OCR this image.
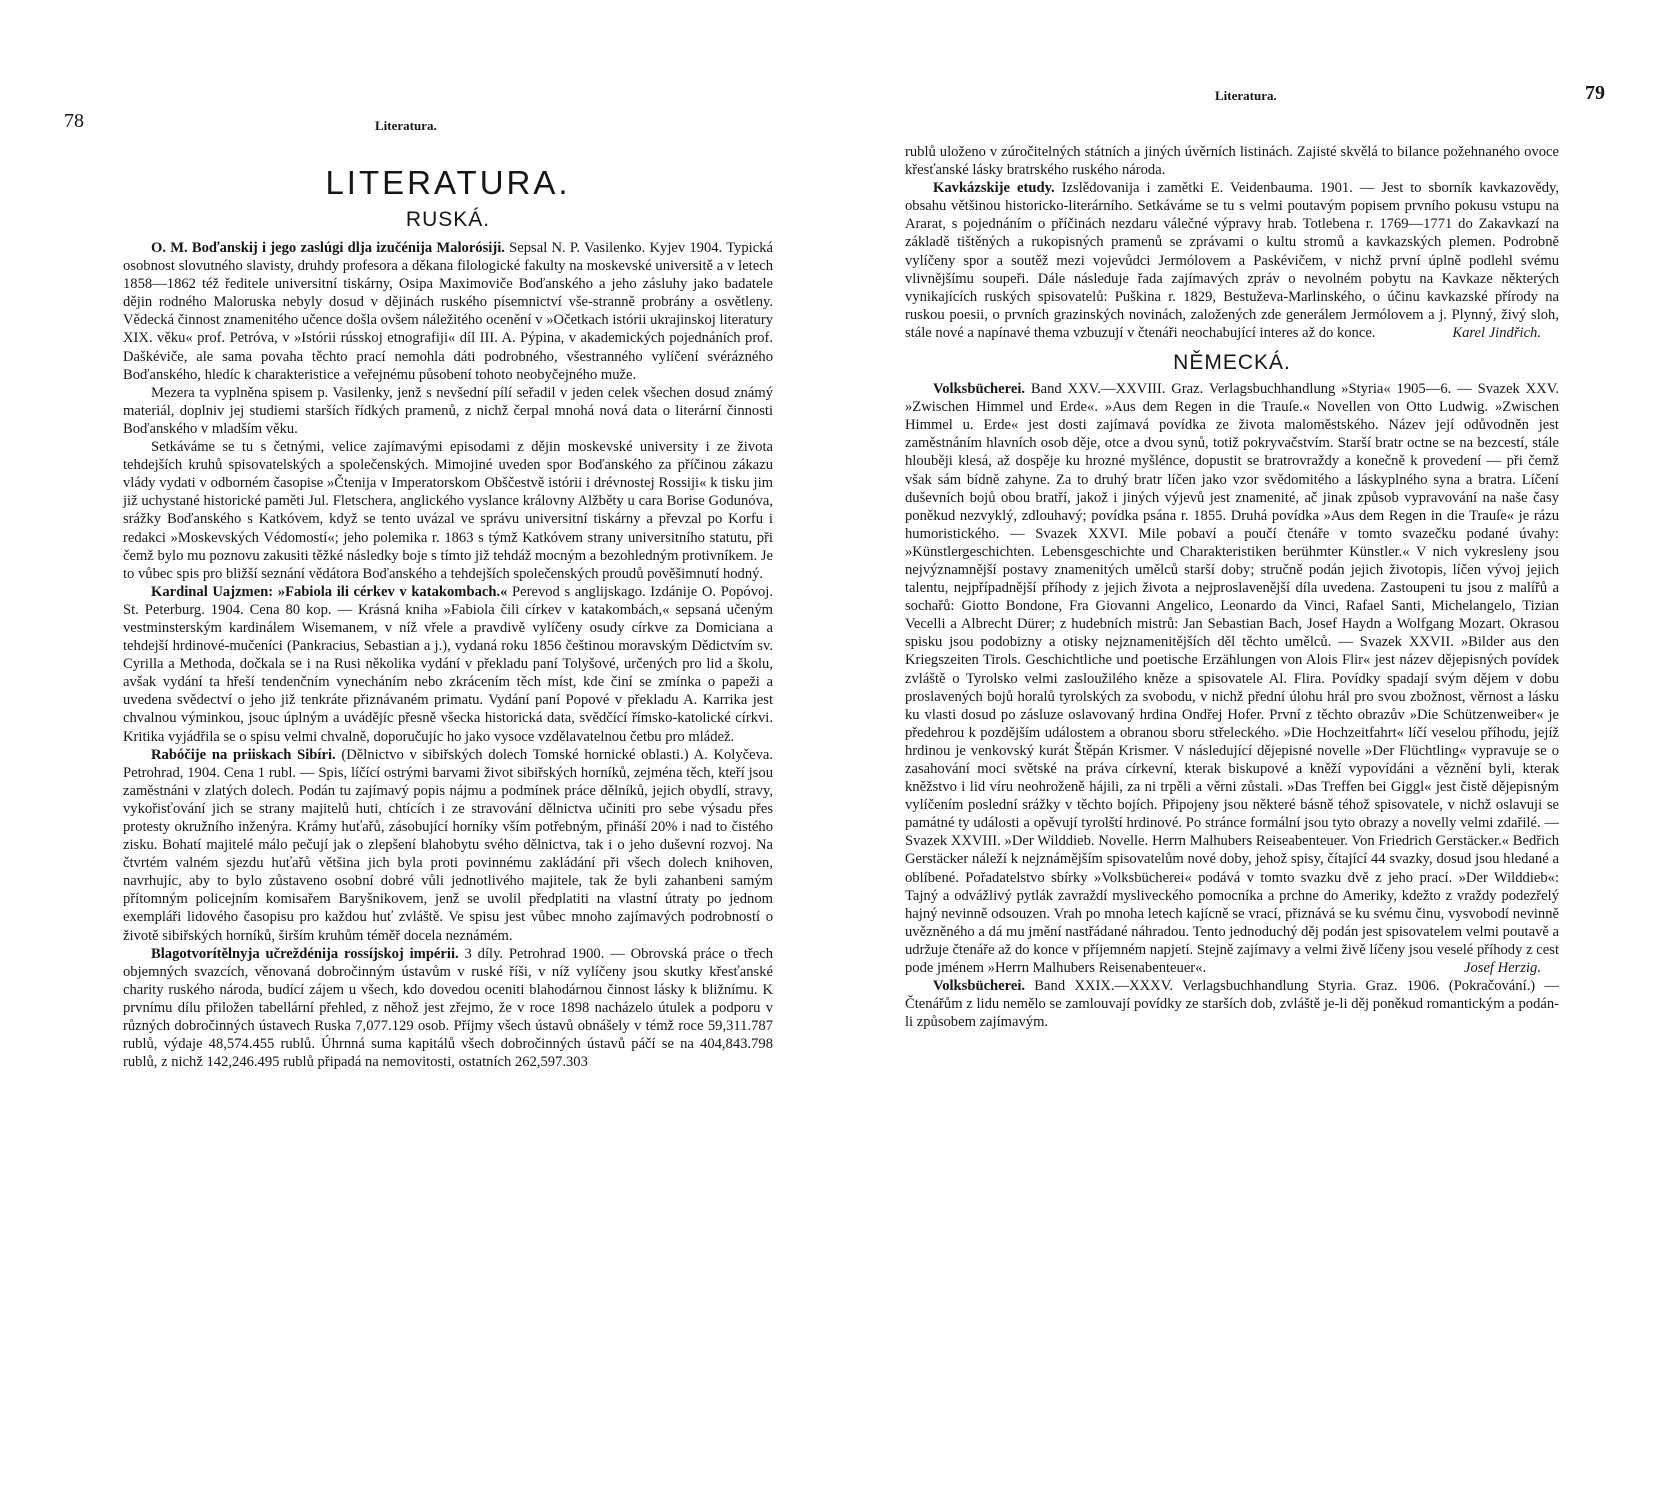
78	Literatura.
LITERATURA.
RUSKÁ.

O. M. Boďanskij i jego zaslúgi dlja izučénija Malorósiji. Sepsal N. P. Vasilenko. Kyjev 1904. Typická osobnost slovutného slavisty, druhdy profesora a děkana filologické fakulty na moskevské universitě a v letech 1858—1862 též ředitele universitní tiskárny, Osipa Maximoviče Boďanského a jeho zásluhy jako badatele dějin rodného Maloruska nebyly dosud v dějinách ruského písemnictví vše-stranně probrány a osvětleny. Vědecká činnost znamenitého učence došla ovšem náležitého ocenění v »Očetkach istórii ukrajinskoj literatury XIX. věku« prof. Petróva, v »Istórii rússkoj etnografiji« díl III. A. Pýpina, v akademických pojednáních prof. Daškéviče, ale sama povaha těchto prací nemohla dáti podrobného, všestranného vylíčení svérázného Boďanského, hledíc k charakteristice a veřejnému působení tohoto neobyčejného muže.

Mezera ta vyplněna spisem p. Vasilenky, jenž s nevšední pílí seřadil v jeden celek všechen dosud známý materiál, doplniv jej studiemi starších řídkých pramenů, z nichž čerpal mnohá nová data o literární činnosti Boďanského v mladším věku.

Setkáváme se tu s četnými, velice zajímavými episodami z dějin moskevské university i ze života tehdejších kruhů spisovatelských a společenských. Mimojiné uveden spor Boďanského za příčinou zákazu vlády vydati v odborném časopise »Čtenija v Imperatorskom Obščestvě istórii i drévnostej Rossiji« k tisku jim již uchystané historické paměti Jul. Fletschera, anglického vyslance královny Alžběty u cara Borise Godunóva, srážky Boďanského s Katkóvem, když se tento uvázal ve správu universitní tiskárny a převzal po Korfu i redakci »Moskevských Védomostí«; jeho polemika r. 1863 s týmž Katkóvem strany universitního statutu, při čemž bylo mu poznovu zakusiti těžké následky boje s tímto již tehdáž mocným a bezohledným protivníkem. Je to vůbec spis pro bližší seznání vědátora Boďanského a tehdejších společenských proudů pověšimnutí hodný.

Kardinal Uajzmen: »Fabiola ili cérkev v katakombach.« Perevod s anglijskago. Izdánije O. Popóvoj. St. Peterburg. 1904. Cena 80 kop. — Krásná kniha »Fabiola čili církev v katakombách,« sepsaná učeným vestminsterským kardinálem Wisemanem, v níž vřele a pravdivě vylíčeny osudy církve za Domiciana a tehdejší hrdinové-mučeníci (Pankracius, Sebastian a j.), vydaná roku 1856 češtinou moravským Dědictvím sv. Cyrilla a Methoda, dočkala se i na Rusi několika vydání v překladu paní Tolyšové, určených pro lid a školu, avšak vydání ta hřeší tendenčním vynecháním nebo zkrácením těch míst, kde činí se zmínka o papeži a uvedena svědectví o jeho již tenkráte přiznávaném primatu. Vydání paní Popové v překladu A. Karrika jest chvalnou výminkou, jsouc úplným a uvádějíc přesně všecka historická data, svědčící římsko-katolické církvi. Kritika vyjádřila se o spisu velmi chvalně, doporučujíc ho jako vysoce vzdělavatelnou četbu pro mládež.

Rabóčije na priiskach Sibíri. (Dělnictvo v sibiřských dolech Tomské hornické oblasti.) A. Kolyčeva. Petrohrad, 1904. Cena 1 rubl. — Spis, líčící ostrými barvami život sibiřských horníků, zejména těch, kteří jsou zaměstnáni v zlatých dolech. Podán tu zajímavý popis nájmu a podmínek práce dělníků, jejich obydlí, stravy, vykořisťování jich se strany majitelů huti, chtících i ze stravování dělnictva učiniti pro sebe výsadu přes protesty okružního inženýra. Krámy huťařů, zásobující horníky vším potřebným, přináší 20% i nad to čistého zisku. Bohatí majitelé málo pečují jak o zlepšení blahobytu svého dělnictva, tak i o jeho duševní rozvoj. Na čtvrtém valném sjezdu huťařů většina jich byla proti povinnému zakládání při všech dolech knihoven, navrhujíc, aby to bylo zůstaveno osobní dobré vůli jednotlivého majitele, tak že byli zahanbeni samým přítomným policejním komisařem Baryšnikovem, jenž se uvolil předplatiti na vlastní útraty po jednom exempláři lidového časopisu pro každou huť zvláště. Ve spisu jest vůbec mnoho zajímavých podrobností o životě sibiřských horníků, širším kruhům téměř docela neznámém.

Blagotvorítělnyja učreždénija rossíjskoj impérii. 3 díly. Petrohrad 1900. — Obrovská práce o třech objemných svazcích, věnovaná dobročinným ústavům v ruské říši, v níž vylíčeny jsou skutky křesťanské charity ruského národa, budící zájem u všech, kdo dovedou oceniti blahodárnou činnost lásky k bližnímu. K prvnímu dílu přiložen tabellární přehled, z něhož jest zřejmo, že v roce 1898 nacházelo útulek a podporu v různých dobročinných ústavech Ruska 7,077.129 osob. Příjmy všech ústavů obnášely v témž roce 59,311.787 rublů, výdaje 48,574.455 rublů. Úhrnná suma kapitálů všech dobročinných ústavů páčí se na 404,843.798 rublů, z nichž 142,246.495 rublů připadá na nemovitosti, ostatních 262,597.303

Literatura.	79

rublů uloženo v zúročitelných státních a jiných úvěrních listinách. Zajisté skvělá to bilance požehnaného ovoce křesťanské lásky bratrského ruského národa.

Kavkázskije etudy. Izslědovanija i zamětki E. Veidenbauma. 1901. — Jest to sborník kavkazovědy, obsahu většinou historicko-literárního. Setkáváme se tu s velmi poutavým popisem prvního pokusu vstupu na Ararat, s pojednáním o příčinách nezdaru válečné výpravy hrab. Totlebena r. 1769—1771 do Zakavkazí na základě tištěných a rukopisných pramenů se zprávami o kultu stromů a kavkazských plemen. Podrobně vylíčeny spor a soutěž mezi vojevůdci Jermólovem a Paskévičem, v nichž první úplně podlehl svému vlivnějšímu soupeři. Dále následuje řada zajímavých zpráv o nevolném pobytu na Kavkaze některých vynikajících ruských spisovatelů: Puškina r. 1829, Bestuževa-Marlinského, o účinu kavkazské přírody na ruskou poesii, o prvních grazinských novinách, založených zde generálem Jermólovem a j. Plynný, živý sloh, stále nové a napínavé thema vzbuzují v čtenáři neochabující interes až do konce.	Karel Jindřich.

NĚMECKÁ.

Volksbücherei. Band XXV.—XXVIII. Graz. Verlagsbuchhandlung »Styria« 1905—6. — Svazek XXV. »Zwischen Himmel und Erde«. »Aus dem Regen in die Trauſe.« Novellen von Otto Ludwig. »Zwischen Himmel u. Erde« jest dosti zajímavá povídka ze života maloměstského. Název její odůvodněn jest zaměstnáním hlavních osob děje, otce a dvou synů, totiž pokryvačstvím. Starší bratr octne se na bezcestí, stále hlouběji klesá, až dospěje ku hrozné myšlénce, dopustit se bratrovraždy a konečně k provedení — při čemž však sám bídně zahyne. Za to druhý bratr líčen jako vzor svědomitého a láskyplného syna a bratra. Líčení duševních bojů obou bratří, jakož i jiných výjevů jest znamenité, ač jinak způsob vypravování na naše časy poněkud nezvyklý, zdlouhavý; povídka psána r. 1855. Druhá povídka »Aus dem Regen in die Trauſe« je rázu humoristického. — Svazek XXVI. Mile pobaví a poučí čtenáře v tomto svazečku podané úvahy: »Künstlergeschichten. Lebensgeschichte und Charakteristiken berühmter Künstler.« V nich vykresleny jsou nejvýznamnější postavy znamenitých umělců starší doby; stručně podán jejich životopis, líčen vývoj jejich talentu, nejpřípadnější příhody z jejich života a nejproslavenější díla uvedena. Zastoupeni tu jsou z malířů a sochařů: Giotto Bondone, Fra Giovanni Angelico, Leonardo da Vinci, Rafael Santi, Michelangelo, Tizian Vecelli a Albrecht Dürer; z hudebních mistrů: Jan Sebastian Bach, Josef Haydn a Wolfgang Mozart. Okrasou spisku jsou podobizny a otisky nejznamenitějších děl těchto umělců. — Svazek XXVII. »Bilder aus den Kriegszeiten Tirols. Geschichtliche und poetische Erzählungen von Alois Flir« jest název dějepisných povídek zvláště o Tyrolsko velmi zasloužilého kněze a spisovatele Al. Flira. Povídky spadají svým dějem v dobu proslavených bojů horalů tyrolských za svobodu, v nichž přední úlohu hrál pro svou zbožnost, věrnost a lásku ku vlasti dosud po zásluze oslavovaný hrdina Ondřej Hofer. První z těchto obrazův »Die Schützenweiber« je předehrou k pozdějším událostem a obranou sboru střeleckého. »Die Hochzeitfahrt« líčí veselou příhodu, jejíž hrdinou je venkovský kurát Štěpán Krismer. V následující dějepisné novelle »Der Flüchtling« vypravuje se o zasahování moci světské na práva církevní, kterak biskupové a kněží vypovídáni a věznění byli, kterak kněžstvo i lid víru neohroženě hájili, za ni trpěli a věrni zůstali. »Das Treffen bei Giggl« jest čistě dějepisným vylíčením poslední srážky v těchto bojích. Připojeny jsou některé básně téhož spisovatele, v nichž oslavuji se památné ty události a opěvují tyrolští hrdinové. Po stránce formální jsou tyto obrazy a novelly velmi zdařilé. — Svazek XXVIII. »Der Wilddieb. Novelle. Herrn Malhubers Reiseabenteuer. Von Friedrich Gerstäcker.« Bedřich Gerstäcker náleží k nejznámějším spisovatelům nové doby, jehož spisy, čítající 44 svazky, dosud jsou hledané a oblíbené. Pořadatelstvo sbírky »Volksbücherei« podává v tomto svazku dvě z jeho prací. »Der Wilddieb«: Tajný a odvážlivý pytlák zavraždí mysliveckého pomocníka a prchne do Ameriky, kdežto z vraždy podezřelý hajný nevinně odsouzen. Vrah po mnoha letech kajícně se vrací, přiznává se ku svému činu, vysvobodí nevinně uvězněného a dá mu jmění nastřádané náhradou. Tento jednoduchý děj podán jest spisovatelem velmi poutavě a udržuje čtenáře až do konce v příjemném napjetí. Stejně zajímavy a velmi živě líčeny jsou veselé příhody z cest pode jménem »Herrn Malhubers Reisenabenteuer«.	Josef Herzig.

Volksbücherei. Band XXIX.—XXXV. Verlagsbuchhandlung Styria. Graz. 1906. (Pokračování.) — Čtenářům z lidu nemělo se zamlouvají povídky ze starších dob, zvláště je-li děj poněkud romantickým a podán-li způsobem zajímavým.
